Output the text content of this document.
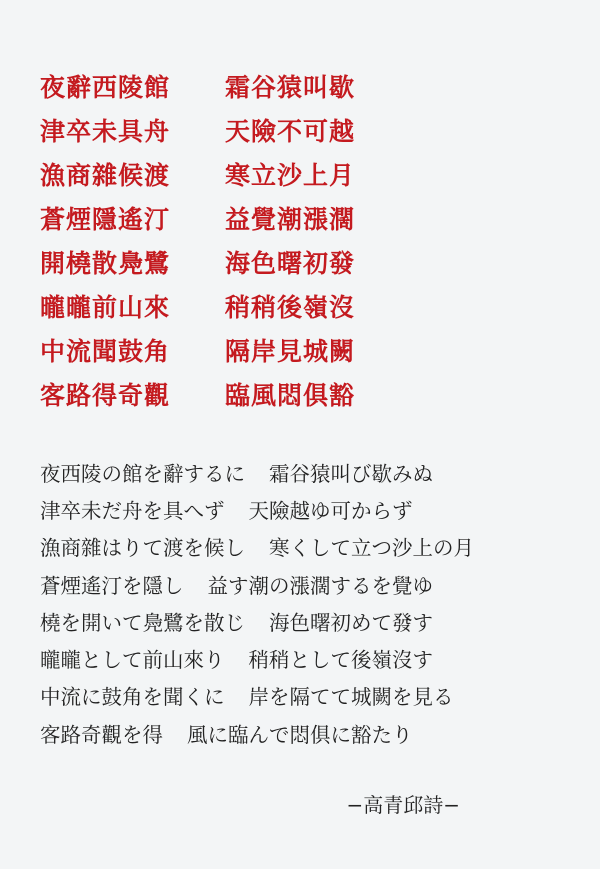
夜辭西陵館	霜谷猿叫歇
津卒未具舟	天險不可越
漁商雜候渡	寒立沙上月
蒼煙隱遙汀	益覺潮漲濶
開橈散鳧鷺	海色曙初發
曨曨前山來	稍稍後嶺沒
中流聞鼓角	隔岸見城闕
客路得奇觀	臨風悶俱豁
夜西陵の館を辭するに 霜谷猿叫び歇みぬ
津卒未だ舟を具へず 天險越ゆ可からず
漁商雜はりて渡を候し 寒くして立つ沙上の月
蒼煙遙汀を隱し 益す潮の漲濶するを覺ゆ
橈を開いて鳧鷺を散じ 海色曙初めて發す
曨曨として前山來り 稍稍として後嶺沒す
中流に鼓角を聞くに 岸を隔てて城闕を見る
客路奇觀を得 風に臨んで悶俱に豁たり
−高青邱詩−
